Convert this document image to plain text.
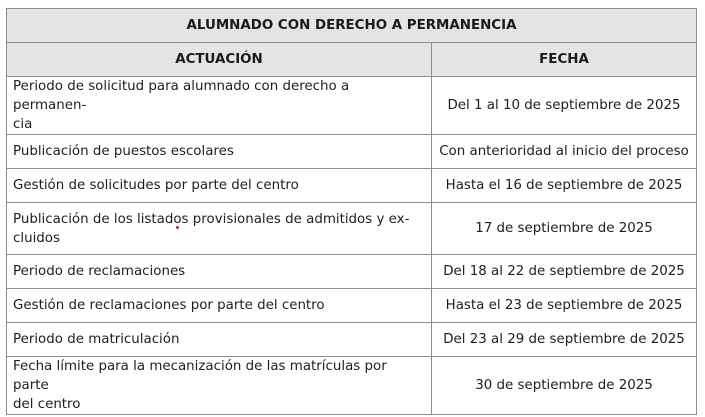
ALUMNADO CON DERECHO A PERMANENCIA	
ACTUACIÓN	FECHA

Periodo de solicitud para alumnado con derecho a permanen-
cia	Del 1 al 10 de septiembre de 2025

Publicación de puestos escolares	Con anterioridad al inicio del proceso

Gestión de solicitudes por parte del centro	Hasta el 16 de septiembre de 2025

Publicación de los listados provisionales de admitidos y ex-
cluidos	17 de septiembre de 2025

Periodo de reclamaciones	Del 18 al 22 de septiembre de 2025

Gestión de reclamaciones por parte del centro	Hasta el 23 de septiembre de 2025

Periodo de matriculación	Del 23 al 29 de septiembre de 2025

Fecha límite para la mecanización de las matrículas por parte
del centro	30 de septiembre de 2025
